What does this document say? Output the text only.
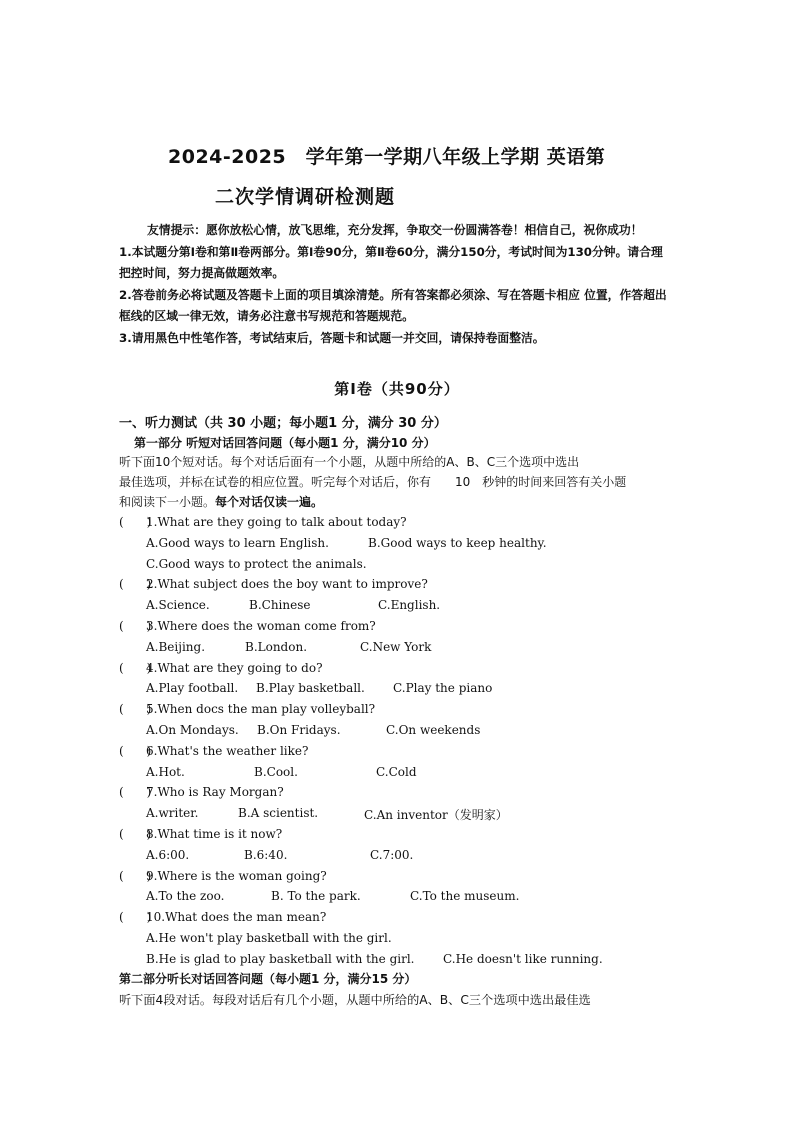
2024-2025　学年第一学期八年级上学期 英语第
二次学情调研检测题

友情提示：愿你放松心情，放飞思维，充分发挥，争取交一份圆满答卷！相信自己，祝你成功！

1.本试题分第Ⅰ卷和第Ⅱ卷两部分。第Ⅰ卷90分，第Ⅱ卷60分，满分150分，考试时间为130分钟。请合理把控时间，努力提高做题效率。

2.答卷前务必将试题及答题卡上面的项目填涂清楚。所有答案都必须涂、写在答题卡相应 位置，作答超出框线的区域一律无效，请务必注意书写规范和答题规范。

3.请用黑色中性笔作答，考试结束后，答题卡和试题一并交回，请保持卷面整洁。

第Ⅰ卷（共90分）
一、听力测试（共 30 小题；每小题1 分，满分 30 分）
第一部分 听短对话回答问题（每小题1 分，满分10 分）

听下面10个短对话。每个对话后面有一个小题，从题中所给的A、B、C三个选项中选出

最佳选项，并标在试卷的相应位置。听完每个对话后，你有　　10　秒钟的时间来回答有关小题

和阅读下一小题。每个对话仅读一遍。

(      )
1.What are they going to talk about today?
A.Good ways to learn English.	B.Good ways to keep healthy.
C.Good ways to protect the animals.
(      )
2.What subject does the boy want to improve?
A.Science.	B.Chinese	C.English.
(      )
3.Where does the woman come from?
A.Beijing.	B.London.	C.New York
(      )
4.What are they going to do?
A.Play football. B.Play basketball. C.Play the piano
(      )
5.When docs the man play volleyball?
A.On Mondays. B.On Fridays.	C.On weekends
(      )
6.What's the weather like?
A.Hot.	B.Cool.	C.Cold
(      )
7.Who is Ray Morgan?
A.writer.	B.A scientist.	C.An inventor（发明家）
(      )
8.What time is it now?
A.6:00.	B.6:40.	C.7:00.
(      )
9.Where is the woman going?
A.To the zoo.	B. To the park.	C.To the museum.
(      )
10.What does the man mean?
A.He won't play basketball with the girl.
B.He is glad to play basketball with the girl. C.He doesn't like running.
第二部分听长对话回答问题（每小题1 分，满分15 分）
听下面4段对话。每段对话后有几个小题，从题中所给的A、B、C三个选项中选出最佳选
